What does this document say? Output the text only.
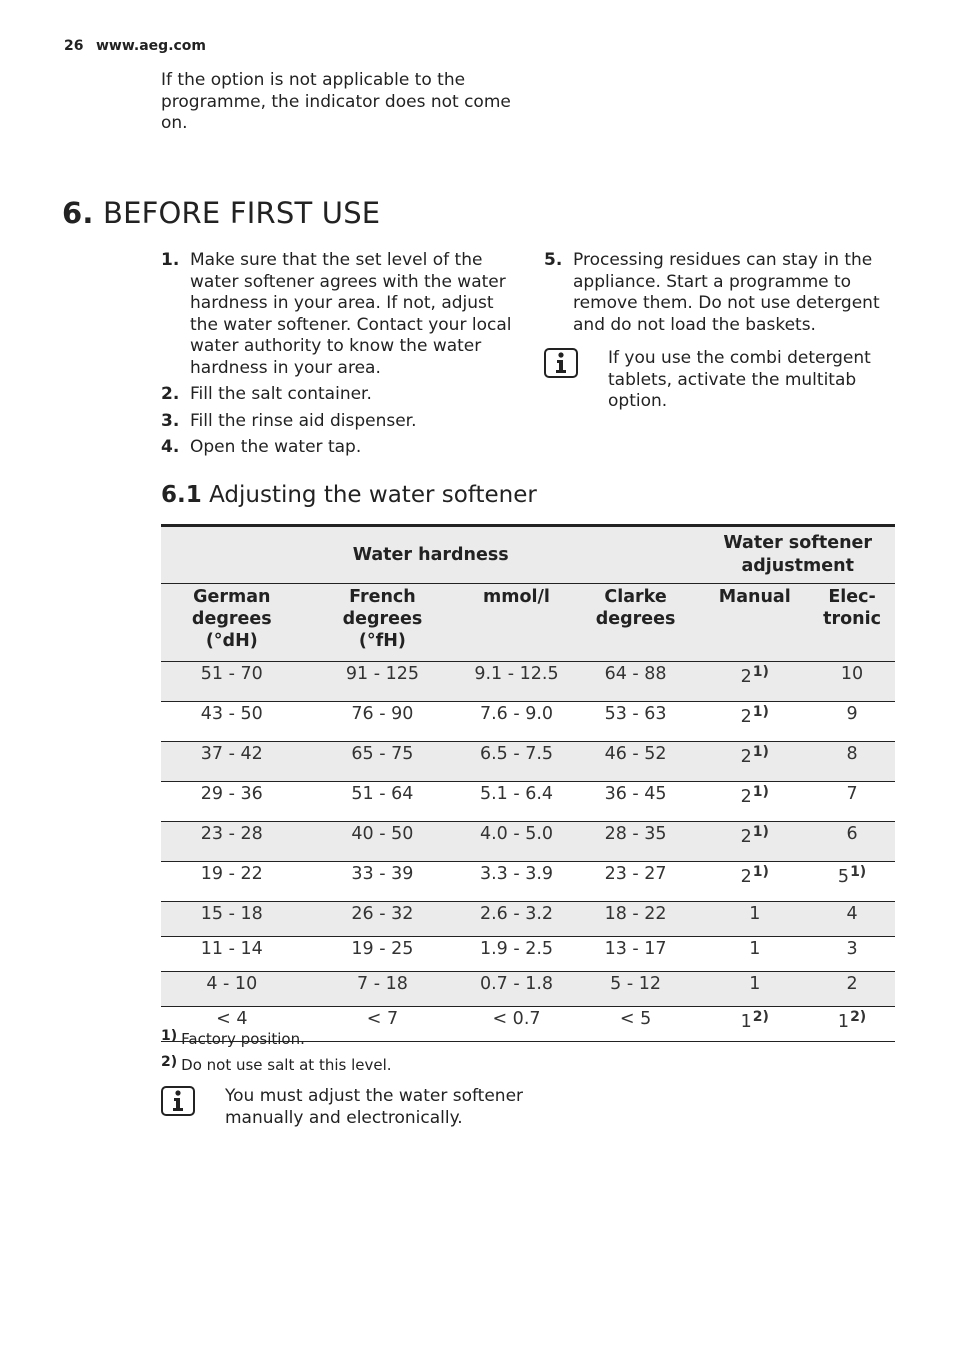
26 www.aeg.com
If the option is not applicable to the programme, the indicator does not come on.
6. BEFORE FIRST USE
1. Make sure that the set level of the water softener agrees with the water hardness in your area. If not, adjust the water softener. Contact your local water authority to know the water hardness in your area.
2. Fill the salt container.
3. Fill the rinse aid dispenser.
4. Open the water tap.
5. Processing residues can stay in the appliance. Start a programme to remove them. Do not use detergent and do not load the baskets.
If you use the combi detergent tablets, activate the multitab option.
6.1 Adjusting the water softener
Water hardness				Water softener adjustment	
German degrees (°dH)	French degrees (°fH)	mmol/l	Clarke degrees	Manual	Elec-tronic
51 - 70	91 - 125	9.1 - 12.5	64 - 88	2$^{1)}$	10
43 - 50	76 - 90	7.6 - 9.0	53 - 63	2$^{1)}$	9
37 - 42	65 - 75	6.5 - 7.5	46 - 52	2$^{1)}$	8
29 - 36	51 - 64	5.1 - 6.4	36 - 45	2$^{1)}$	7
23 - 28	40 - 50	4.0 - 5.0	28 - 35	2$^{1)}$	6
19 - 22	33 - 39	3.3 - 3.9	23 - 27	2$^{1)}$	5$^{1)}$
15 - 18	26 - 32	2.6 - 3.2	18 - 22	1	4
11 - 14	19 - 25	1.9 - 2.5	13 - 17	1	3
4 - 10	7 - 18	0.7 - 1.8	5 - 12	1	2
< 4	< 7	< 0.7	< 5	1$^{2)}$	1$^{2)}$
$^{1)}$ Factory position.
$^{2)}$ Do not use salt at this level.
You must adjust the water softener manually and electronically.
